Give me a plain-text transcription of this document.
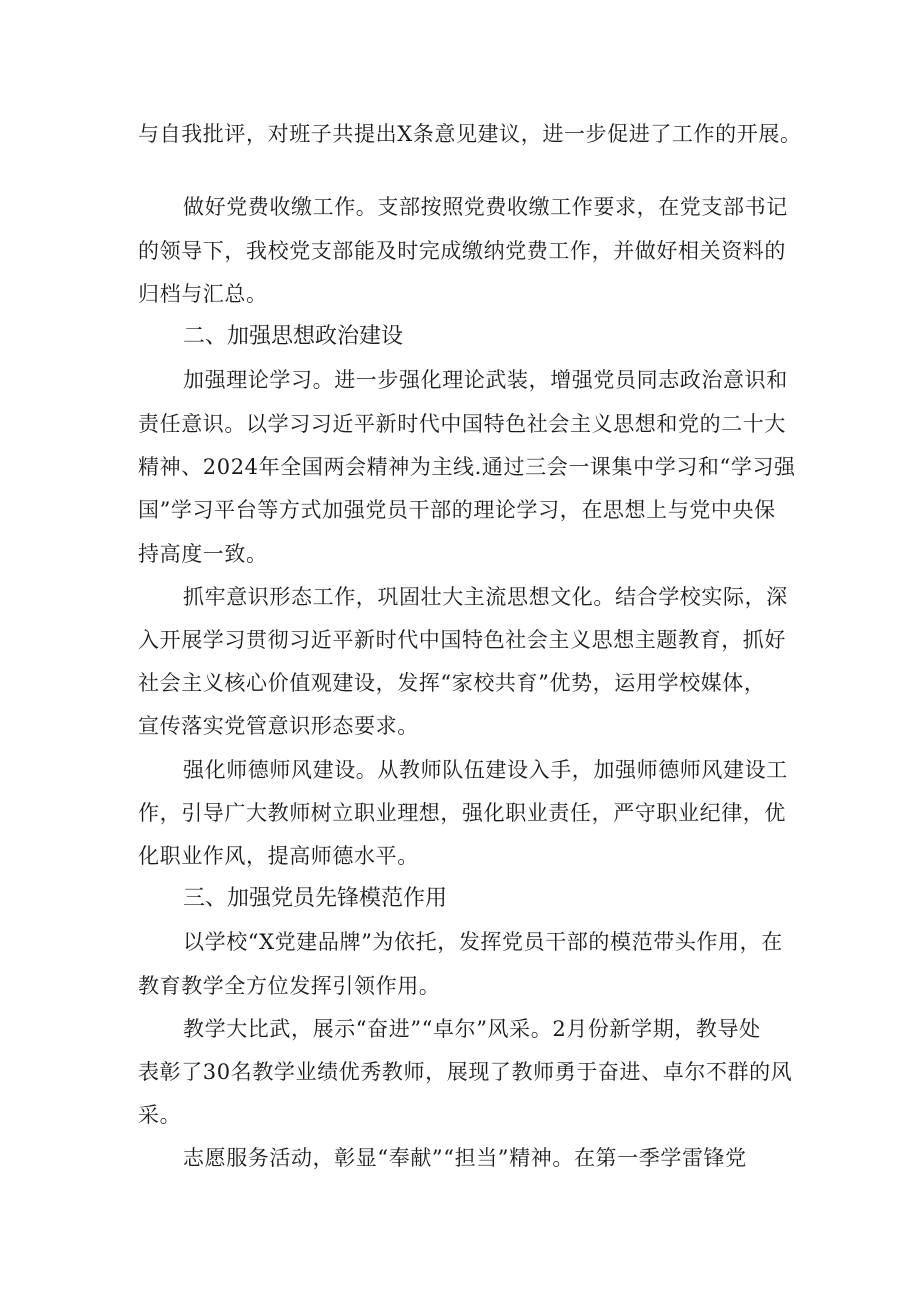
与自我批评，对班子共提出X条意见建议，进一步促进了工作的开展。
做好党费收缴工作。支部按照党费收缴工作要求，在党支部书记
的领导下，我校党支部能及时完成缴纳党费工作，并做好相关资料的
归档与汇总。
二、加强思想政治建设
加强理论学习。进一步强化理论武装，增强党员同志政治意识和
责任意识。以学习习近平新时代中国特色社会主义思想和党的二十大
精神、2024年全国两会精神为主线.通过三会一课集中学习和“学习强
国”学习平台等方式加强党员干部的理论学习，在思想上与党中央保
持高度一致。
抓牢意识形态工作，巩固壮大主流思想文化。结合学校实际，深
入开展学习贯彻习近平新时代中国特色社会主义思想主题教育，抓好
社会主义核心价值观建设，发挥“家校共育”优势，运用学校媒体，
宣传落实党管意识形态要求。
强化师德师风建设。从教师队伍建设入手，加强师德师风建设工
作，引导广大教师树立职业理想，强化职业责任，严守职业纪律，优
化职业作风，提高师德水平。
三、加强党员先锋模范作用
以学校“X党建品牌”为依托，发挥党员干部的模范带头作用，在
教育教学全方位发挥引领作用。
教学大比武，展示“奋进”“卓尔”风采。2月份新学期，教导处
表彰了30名教学业绩优秀教师，展现了教师勇于奋进、卓尔不群的风
采。
志愿服务活动，彰显“奉献”“担当”精神。在第一季学雷锋党
